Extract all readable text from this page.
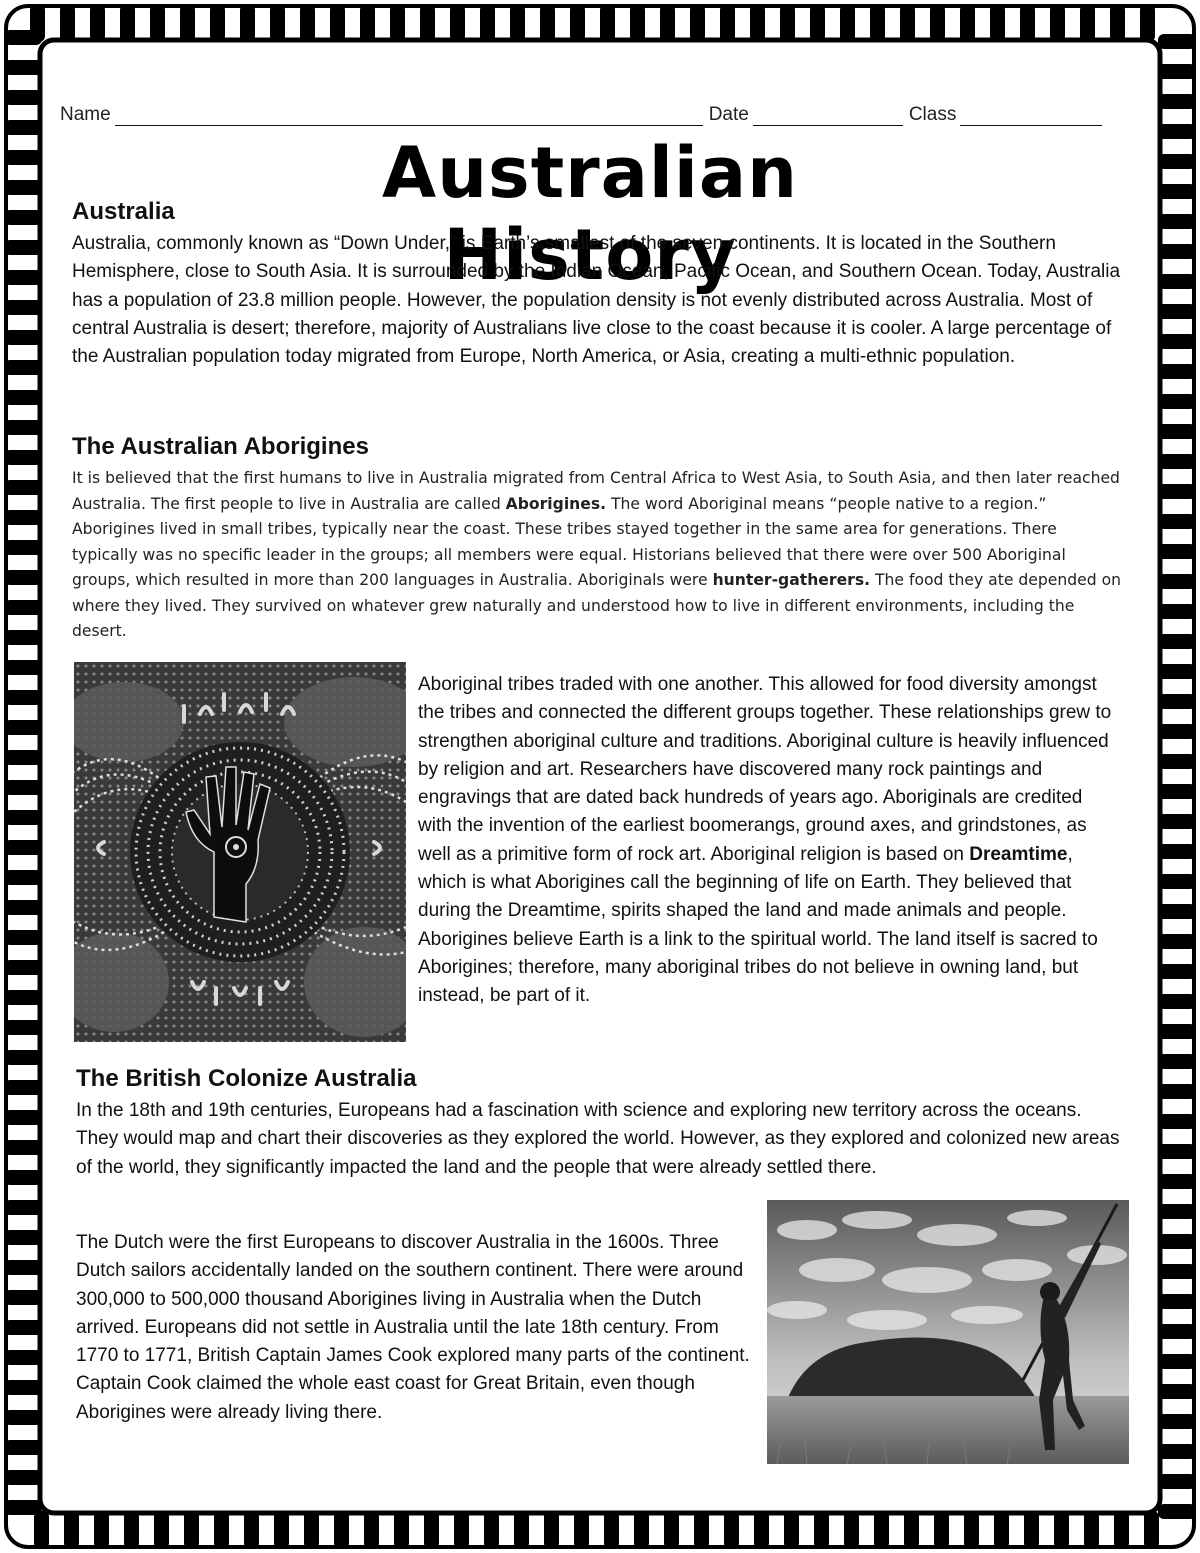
Name	Date	Class
Australian History
Australia

Australia, commonly known as “Down Under,” is Earth’s smallest of the seven continents. It is located in the Southern Hemisphere, close to South Asia. It is surrounded by the Indian Ocean, Pacific Ocean, and Southern Ocean. Today, Australia has a population of 23.8 million people. However, the population density is not evenly distributed across Australia. Most of central Australia is desert; therefore, majority of Australians live close to the coast because it is cooler. A large percentage of the Australian population today migrated from Europe, North America, or Asia, creating a multi-ethnic population.

The Australian Aborigines

It is believed that the first humans to live in Australia migrated from Central Africa to West Asia, to South Asia, and then later reached Australia. The first people to live in Australia are called Aborigines. The word Aboriginal means “people native to a region.” Aborigines lived in small tribes, typically near the coast. These tribes stayed together in the same area for generations. There typically was no specific leader in the groups; all members were equal. Historians believed that there were over 500 Aboriginal groups, which resulted in more than 200 languages in Australia. Aboriginals were hunter-gatherers. The food they ate depended on where they lived. They survived on whatever grew naturally and understood how to live in different environments, including the desert.

Aboriginal tribes traded with one another. This allowed for food diversity amongst the tribes and connected the different groups together. These relationships grew to strengthen aboriginal culture and traditions. Aboriginal culture is heavily influenced by religion and art. Researchers have discovered many rock paintings and engravings that are dated back hundreds of years ago. Aboriginals are credited with the invention of the earliest boomerangs, ground axes, and grindstones, as well as a primitive form of rock art. Aboriginal religion is based on Dreamtime, which is what Aborigines call the beginning of life on Earth. They believed that during the Dreamtime, spirits shaped the land and made animals and people. Aborigines believe Earth is a link to the spiritual world. The land itself is sacred to Aborigines; therefore, many aboriginal tribes do not believe in owning land, but instead, be part of it.

The British Colonize Australia

In the 18th and 19th centuries, Europeans had a fascination with science and exploring new territory across the oceans. They would map and chart their discoveries as they explored the world. However, as they explored and colonized new areas of the world, they significantly impacted the land and the people that were already settled there.

The Dutch were the first Europeans to discover Australia in the 1600s. Three Dutch sailors accidentally landed on the southern continent. There were around 300,000 to 500,000 thousand Aborigines living in Australia when the Dutch arrived. Europeans did not settle in Australia until the late 18th century. From 1770 to 1771, British Captain James Cook explored many parts of the continent. Captain Cook claimed the whole east coast for Great Britain, even though Aborigines were already living there.
